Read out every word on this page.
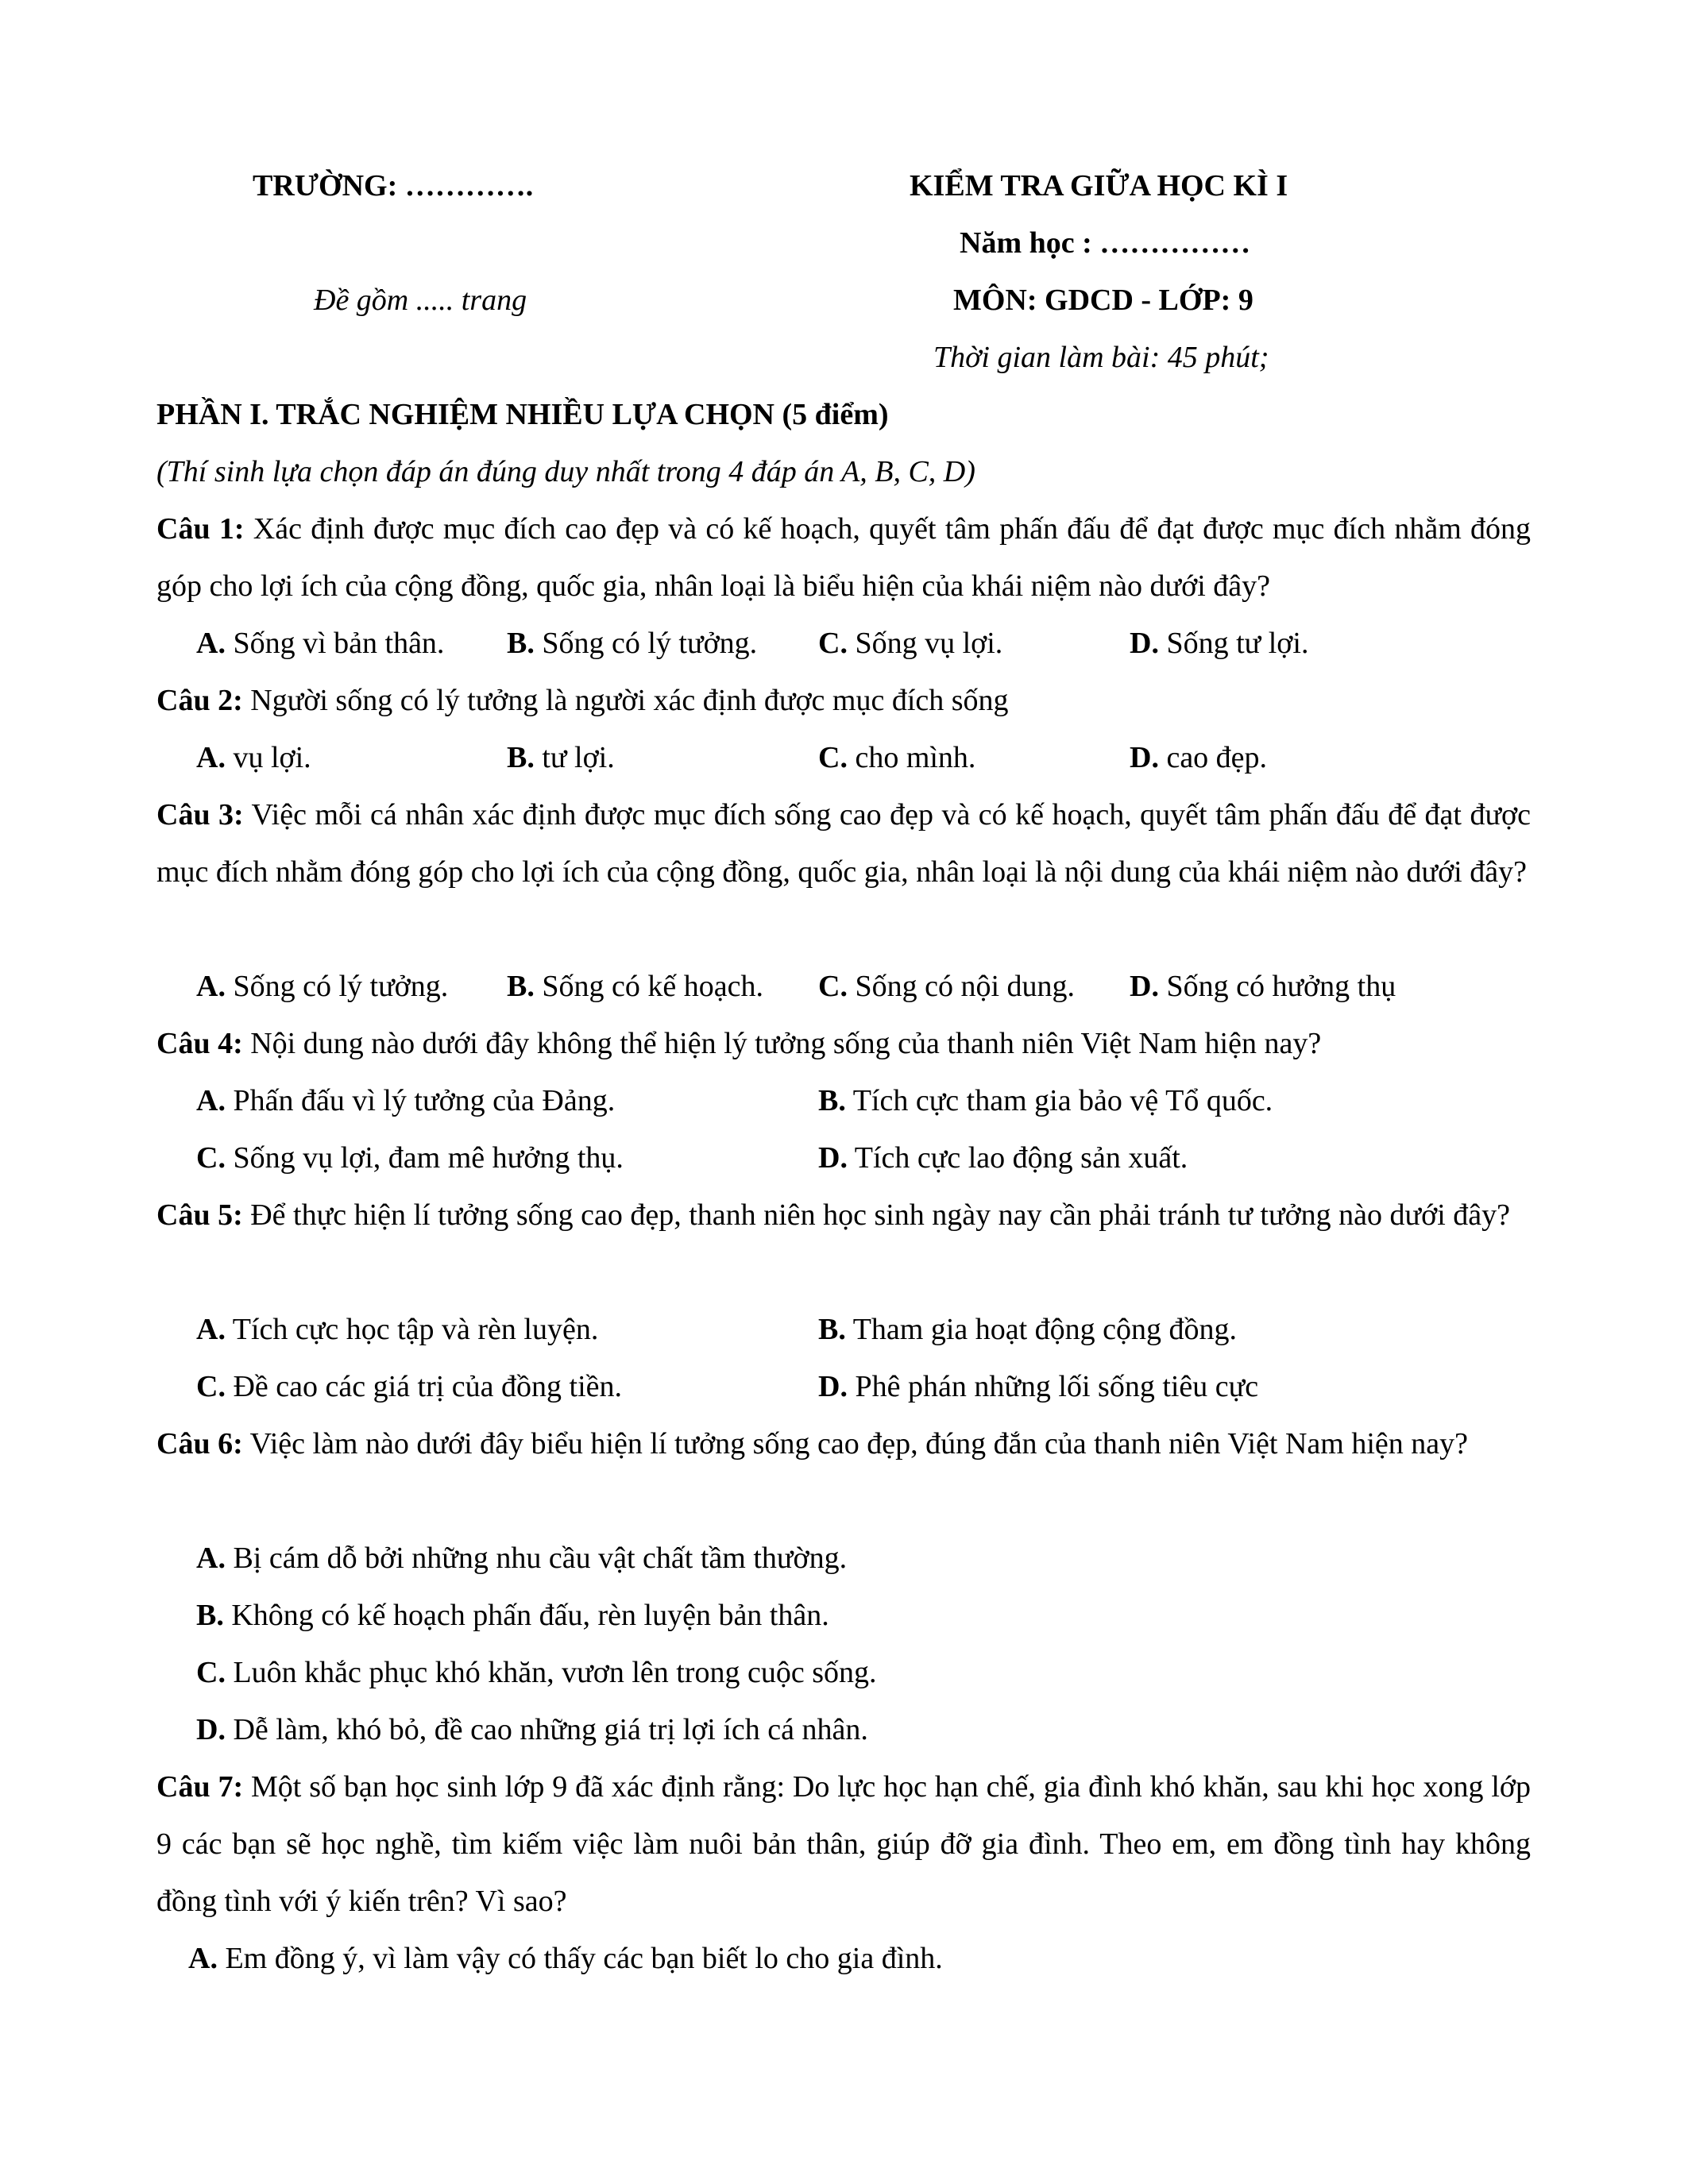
TRƯỜNG: ………….
Đề gồm ..... trang
KIỂM TRA GIỮA HỌC KÌ I
Năm học : ……………
MÔN: GDCD - LỚP: 9
Thời gian làm bài: 45 phút;
PHẦN I. TRẮC NGHIỆM NHIỀU LỰA CHỌN (5 điểm)
(Thí sinh lựa chọn đáp án đúng duy nhất trong 4 đáp án A, B, C, D)
Câu 1: Xác định được mục đích cao đẹp và có kế hoạch, quyết tâm phấn đấu để đạt được mục đích nhằm đóng góp cho lợi ích của cộng đồng, quốc gia, nhân loại là biểu hiện của khái niệm nào dưới đây?
A. Sống vì bản thân. B. Sống có lý tưởng. C. Sống vụ lợi.	D. Sống tư lợi.
Câu 2: Người sống có lý tưởng là người xác định được mục đích sống
A. vụ lợi.	B. tư lợi.	C. cho mình.	D. cao đẹp.
Câu 3: Việc mỗi cá nhân xác định được mục đích sống cao đẹp và có kế hoạch, quyết tâm phấn đấu để đạt được mục đích nhằm đóng góp cho lợi ích của cộng đồng, quốc gia, nhân loại là nội dung của khái niệm nào dưới đây?
A. Sống có lý tưởng. B. Sống có kế hoạch. C. Sống có nội dung. D. Sống có hưởng thụ
Câu 4: Nội dung nào dưới đây không thể hiện lý tưởng sống của thanh niên Việt Nam hiện nay?
A. Phấn đấu vì lý tưởng của Đảng.	B. Tích cực tham gia bảo vệ Tổ quốc.
C. Sống vụ lợi, đam mê hưởng thụ.	D. Tích cực lao động sản xuất.
Câu 5: Để thực hiện lí tưởng sống cao đẹp, thanh niên học sinh ngày nay cần phải tránh tư tưởng nào dưới đây?
A. Tích cực học tập và rèn luyện.	B. Tham gia hoạt động cộng đồng.
C. Đề cao các giá trị của đồng tiền.	D. Phê phán những lối sống tiêu cực
Câu 6: Việc làm nào dưới đây biểu hiện lí tưởng sống cao đẹp, đúng đắn của thanh niên Việt Nam hiện nay?
A. Bị cám dỗ bởi những nhu cầu vật chất tầm thường.
B. Không có kế hoạch phấn đấu, rèn luyện bản thân.
C. Luôn khắc phục khó khăn, vươn lên trong cuộc sống.
D. Dễ làm, khó bỏ, đề cao những giá trị lợi ích cá nhân.
Câu 7: Một số bạn học sinh lớp 9 đã xác định rằng: Do lực học hạn chế, gia đình khó khăn, sau khi học xong lớp 9 các bạn sẽ học nghề, tìm kiếm việc làm nuôi bản thân, giúp đỡ gia đình. Theo em, em đồng tình hay không đồng tình với ý kiến trên? Vì sao?
A. Em đồng ý, vì làm vậy có thấy các bạn biết lo cho gia đình.
